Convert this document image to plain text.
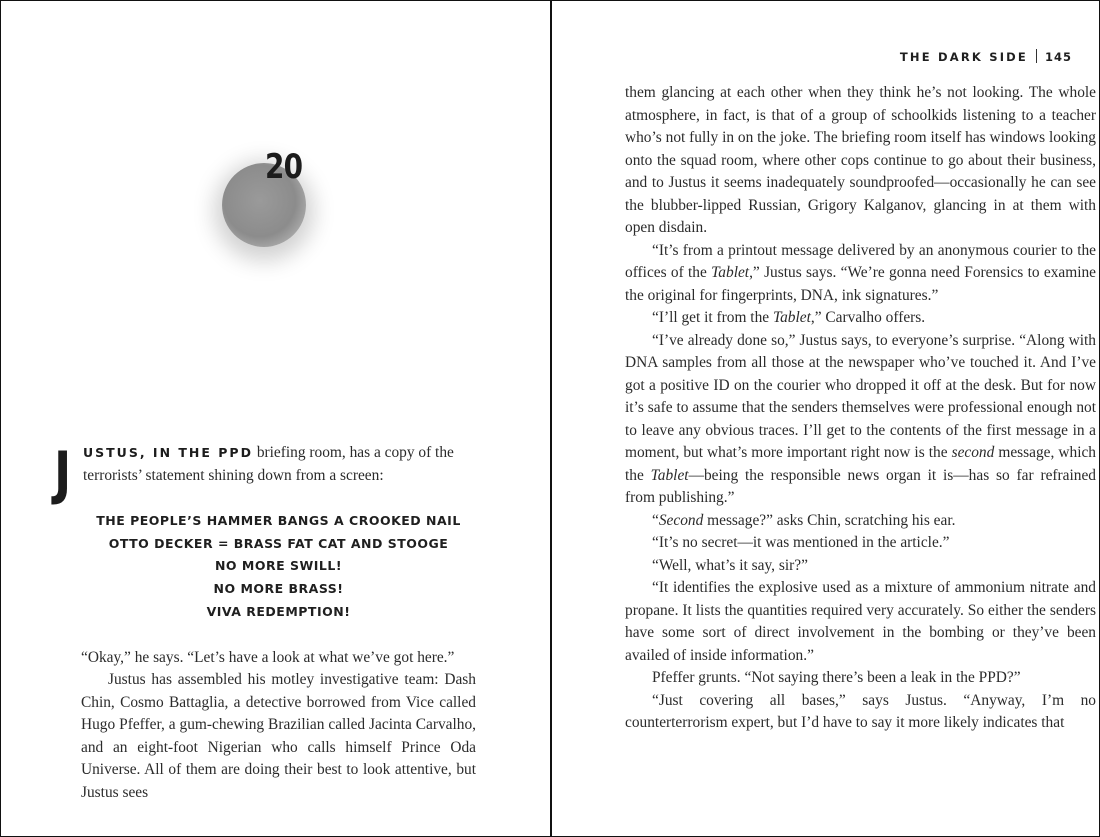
20
J USTUS, IN THE PPD briefing room, has a copy of the terrorists’ statement shining down from a screen:

THE PEOPLE’S HAMMER BANGS A CROOKED NAIL
OTTO DECKER = BRASS FAT CAT AND STOOGE
NO MORE SWILL!
NO MORE BRASS!
VIVA REDEMPTION!

“Okay,” he says. “Let’s have a look at what we’ve got here.”

Justus has assembled his motley investigative team: Dash Chin, Cosmo Battaglia, a detective borrowed from Vice called Hugo Pfeffer, a gum-chewing Brazilian called Jacinta Carvalho, and an eight-foot Nigerian who calls himself Prince Oda Universe. All of them are doing their best to look attentive, but Justus sees

THE DARK SIDE 145

them glancing at each other when they think he’s not looking. The whole atmosphere, in fact, is that of a group of schoolkids listening to a teacher who’s not fully in on the joke. The briefing room itself has windows looking onto the squad room, where other cops continue to go about their business, and to Justus it seems inadequately soundproofed—occasionally he can see the blubber-lipped Russian, Grigory Kalganov, glancing in at them with open disdain.

“It’s from a printout message delivered by an anonymous courier to the offices of the Tablet,” Justus says. “We’re gonna need Forensics to examine the original for fingerprints, DNA, ink signatures.”

“I’ll get it from the Tablet,” Carvalho offers.

“I’ve already done so,” Justus says, to everyone’s surprise. “Along with DNA samples from all those at the newspaper who’ve touched it. And I’ve got a positive ID on the courier who dropped it off at the desk. But for now it’s safe to assume that the senders themselves were professional enough not to leave any obvious traces. I’ll get to the contents of the first message in a moment, but what’s more important right now is the second message, which the Tablet—being the responsible news organ it is—has so far refrained from publishing.”

“Second message?” asks Chin, scratching his ear.

“It’s no secret—it was mentioned in the article.”

“Well, what’s it say, sir?”

“It identifies the explosive used as a mixture of ammonium nitrate and propane. It lists the quantities required very accurately. So either the senders have some sort of direct involvement in the bombing or they’ve been availed of inside information.”

Pfeffer grunts. “Not saying there’s been a leak in the PPD?”

“Just covering all bases,” says Justus. “Anyway, I’m no counterterrorism expert, but I’d have to say it more likely indicates that
